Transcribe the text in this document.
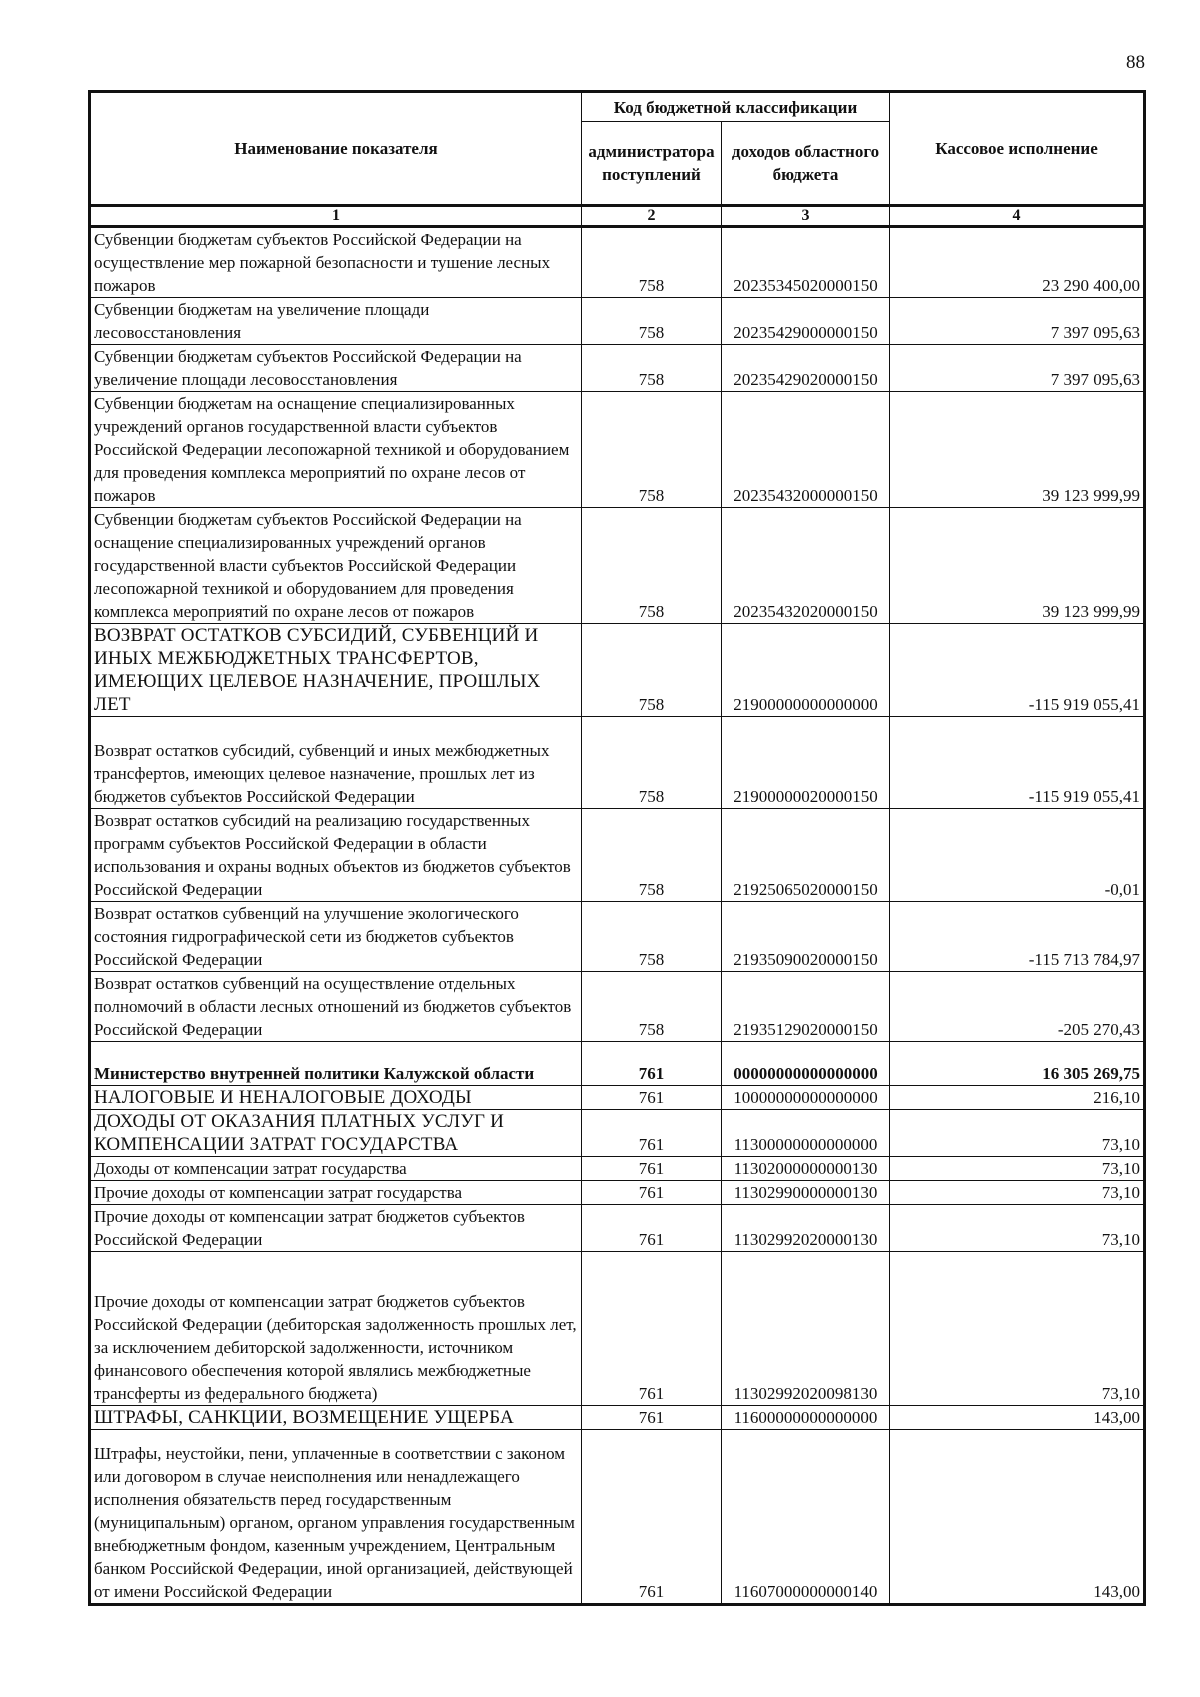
88
Наименование показателя	Код бюджетной классификации		Кассовое исполнение
	администратора поступлений	доходов областного бюджета	
1	2	3	4
Субвенции бюджетам субъектов Российской Федерации на осуществление мер пожарной безопасности и тушение лесных пожаров	758	20235345020000150	23 290 400,00
Субвенции бюджетам на увеличение площади лесовосстановления	758	20235429000000150	7 397 095,63
Субвенции бюджетам субъектов Российской Федерации на увеличение площади лесовосстановления	758	20235429020000150	7 397 095,63
Субвенции бюджетам на оснащение специализированных учреждений органов государственной власти субъектов Российской Федерации лесопожарной техникой и оборудованием для проведения комплекса мероприятий по охране лесов от пожаров	758	20235432000000150	39 123 999,99
Субвенции бюджетам субъектов Российской Федерации на оснащение специализированных учреждений органов государственной власти субъектов Российской Федерации лесопожарной техникой и оборудованием для проведения комплекса мероприятий по охране лесов от пожаров	758	20235432020000150	39 123 999,99
ВОЗВРАТ ОСТАТКОВ СУБСИДИЙ, СУБВЕНЦИЙ И ИНЫХ МЕЖБЮДЖЕТНЫХ ТРАНСФЕРТОВ, ИМЕЮЩИХ ЦЕЛЕВОЕ НАЗНАЧЕНИЕ, ПРОШЛЫХ ЛЕТ	758	21900000000000000	-115 919 055,41
Возврат остатков субсидий, субвенций и иных межбюджетных трансфертов, имеющих целевое назначение, прошлых лет из бюджетов субъектов Российской Федерации	758	21900000020000150	-115 919 055,41
Возврат остатков субсидий на реализацию государственных программ субъектов Российской Федерации в области использования и охраны водных объектов из бюджетов субъектов Российской Федерации	758	21925065020000150	-0,01
Возврат остатков субвенций на улучшение экологического состояния гидрографической сети из бюджетов субъектов Российской Федерации	758	21935090020000150	-115 713 784,97
Возврат остатков субвенций на осуществление отдельных полномочий в области лесных отношений из бюджетов субъектов Российской Федерации	758	21935129020000150	-205 270,43
Министерство внутренней политики Калужской области	761	00000000000000000	16 305 269,75
НАЛОГОВЫЕ И НЕНАЛОГОВЫЕ ДОХОДЫ	761	10000000000000000	216,10
ДОХОДЫ ОТ ОКАЗАНИЯ ПЛАТНЫХ УСЛУГ И КОМПЕНСАЦИИ ЗАТРАТ ГОСУДАРСТВА	761	11300000000000000	73,10
Доходы от компенсации затрат государства	761	11302000000000130	73,10
Прочие доходы от компенсации затрат государства	761	11302990000000130	73,10
Прочие доходы от компенсации затрат бюджетов субъектов Российской Федерации	761	11302992020000130	73,10
Прочие доходы от компенсации затрат бюджетов субъектов Российской Федерации (дебиторская задолженность прошлых лет, за исключением дебиторской задолженности, источником финансового обеспечения которой являлись межбюджетные трансферты из федерального бюджета)	761	11302992020098130	73,10
ШТРАФЫ, САНКЦИИ, ВОЗМЕЩЕНИЕ УЩЕРБА	761	11600000000000000	143,00
Штрафы, неустойки, пени, уплаченные в соответствии с законом или договором в случае неисполнения или ненадлежащего исполнения обязательств перед государственным (муниципальным) органом, органом управления государственным внебюджетным фондом, казенным учреждением, Центральным банком Российской Федерации, иной организацией, действующей от имени Российской Федерации	761	11607000000000140	143,00
